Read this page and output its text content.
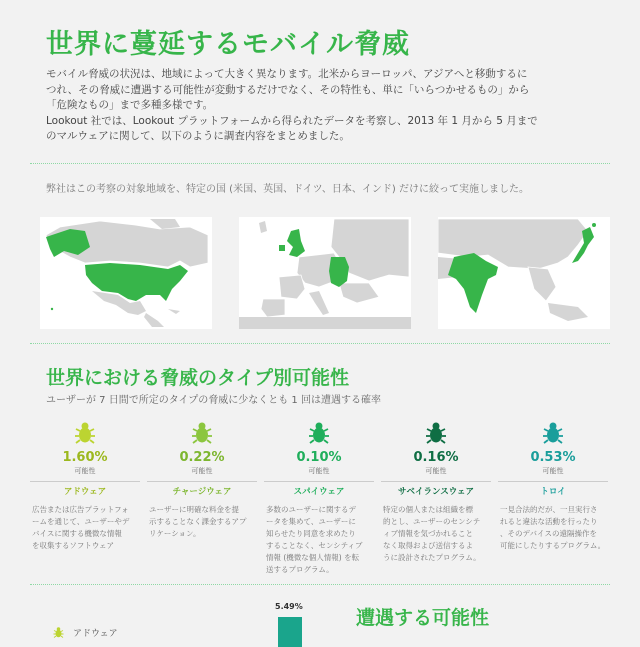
世界に蔓延するモバイル脅威

モバイル脅威の状況は、地域によって大きく異なります。北米からヨーロッパ、アジアへと移動するに

つれ、その脅威に遭遇する可能性が変動するだけでなく、その特性も、単に「いらつかせるもの」から

「危険なもの」まで多種多様です。

Lookout 社では、Lookout プラットフォームから得られたデータを考察し、2013 年 1 月から 5 月まで

のマルウェアに関して、以下のように調査内容をまとめました。

弊社はこの考察の対象地域を、特定の国 (米国、英国、ドイツ、日本、インド) だけに絞って実施しました。
世界における脅威のタイプ別可能性
ユーザーが 7 日間で所定のタイプの脅威に少なくとも 1 回は遭遇する確率
1.60%
可能性
アドウェア
広告または広告プラットフォ
ームを通じて、ユーザーやデ
バイスに関する機微な情報
を収集するソフトウェア
0.22%
可能性
チャージウェア
ユーザーに明確な料金を提
示することなく課金するアプ
リケーション。
0.10%
可能性
スパイウェア
多数のユーザーに関するデ
ータを集めて、ユーザーに
知らせたり同意を求めたり
することなく、センシティブ
情報 (機微な個人情報) を転
送するプログラム。
0.16%
可能性
サベイランスウェア
特定の個人または組織を標
的とし、ユーザーのセンシテ
ィブ情報を気づかれること
なく取得および送信するよ
うに設計されたプログラム。
0.53%
可能性
トロイ
一見合法的だが、一旦実行さ
れると違法な活動を行ったり
、そのデバイスの遠隔操作を
可能にしたりするプログラム。
アドウェア
5.49%
遭遇する可能性
